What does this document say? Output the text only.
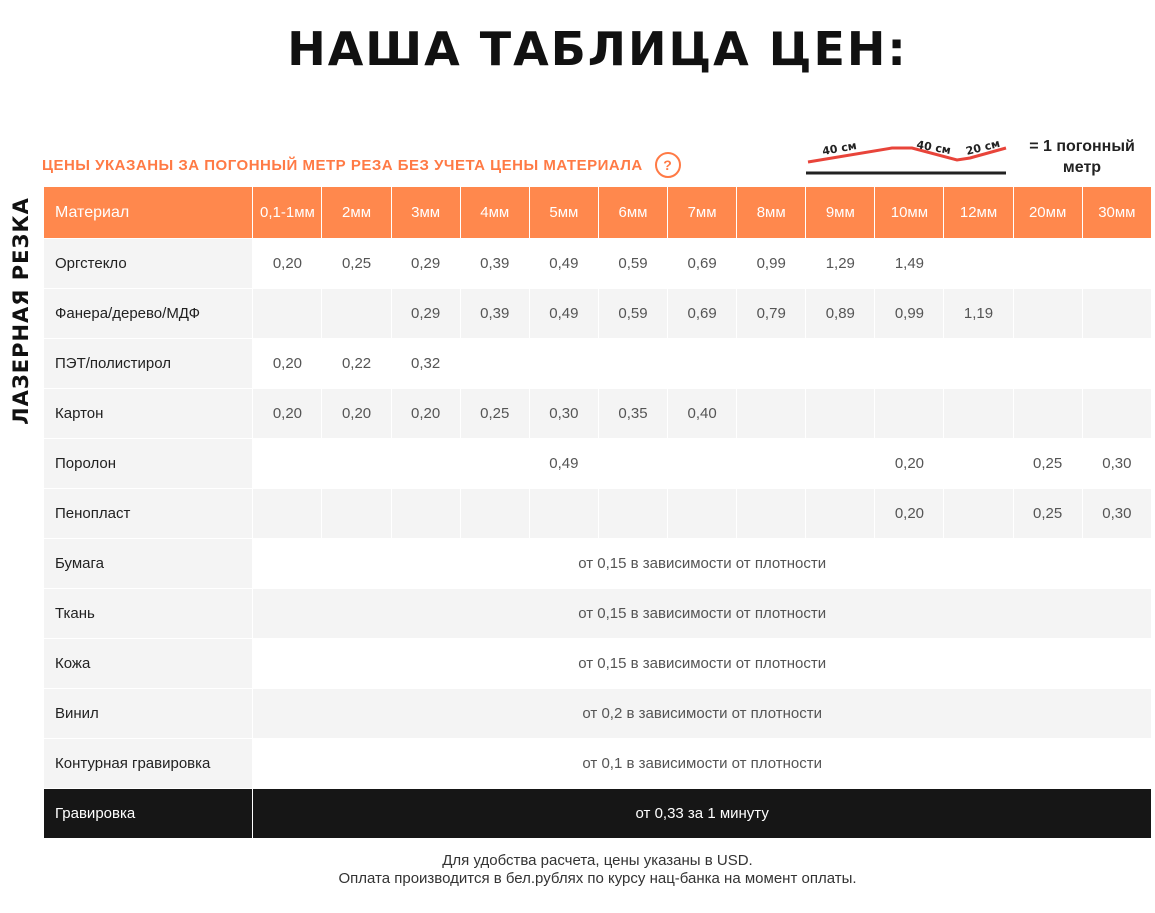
НАША ТАБЛИЦА ЦЕН:
ЦЕНЫ УКАЗАНЫ ЗА ПОГОННЫЙ МЕТР РЕЗА БЕЗ УЧЕТА ЦЕНЫ МАТЕРИАЛА	?
40 см	40 см 20 см	= 1 погонный
метр
ЛАЗЕРНАЯ РЕЗКА Материал	0,1-1мм	2мм	3мм	4мм	5мм	6мм	7мм	8мм	9мм	10мм	12мм	20мм	30мм
Оргстекло	0,20	0,25	0,29	0,39	0,49	0,59	0,69	0,99	1,29	1,49			
Фанера/дерево/МДФ			0,29	0,39	0,49	0,59	0,69	0,79	0,89	0,99	1,19		
ПЭТ/полистирол	0,20	0,22	0,32										
Картон	0,20	0,20	0,20	0,25	0,30	0,35	0,40						
Поролон					0,49					0,20		0,25	0,30
Пенопласт										0,20		0,25	0,30
Бумага	от 0,15 в зависимости от плотности												
Ткань	от 0,15 в зависимости от плотности												
Кожа	от 0,15 в зависимости от плотности												
Винил	от 0,2 в зависимости от плотности												
Контурная гравировка	от 0,1 в зависимости от плотности												
Гравировка	от 0,33 за 1 минуту												
Для удобства расчета, цены указаны в USD.
Оплата производится в бел.рублях по курсу нац-банка на момент оплаты.
